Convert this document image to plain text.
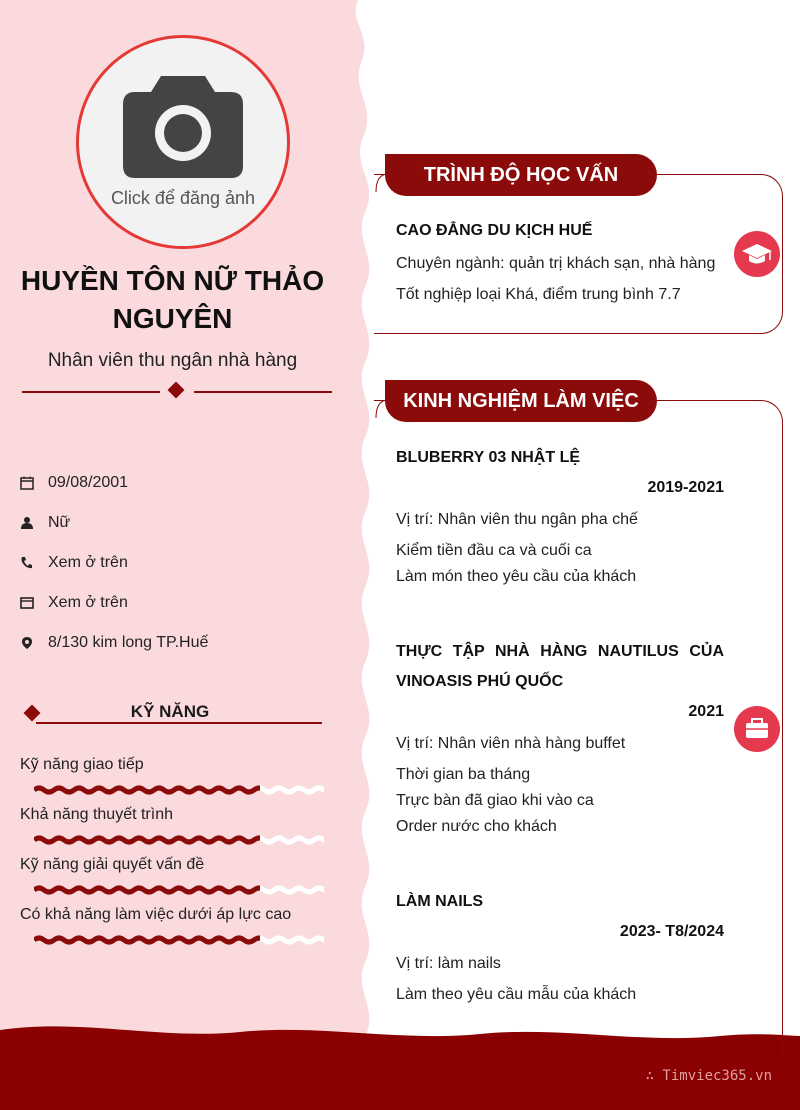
Click để đăng ảnh
HUYỀN TÔN NỮ THẢO NGUYÊN
Nhân viên thu ngân nhà hàng
09/08/2001
Nữ
Xem ở trên
Xem ở trên
8/130 kim long TP.Huế
KỸ NĂNG
Kỹ năng giao tiếp
Khả năng thuyết trình
Kỹ năng giải quyết vấn đề
Có khả năng làm việc dưới áp lực cao
TRÌNH ĐỘ HỌC VẤN
CAO ĐẲNG DU KỊCH HUẾ
Chuyên ngành: quản trị khách sạn, nhà hàng
Tốt nghiệp loại Khá, điểm trung bình 7.7
KINH NGHIỆM LÀM VIỆC
BLUBERRY 03 NHẬT LỆ
2019-2021
Vị trí: Nhân viên thu ngân pha chế
Kiểm tiền đầu ca và cuối ca
Làm món theo yêu cầu của khách
THỰC TẬP NHÀ HÀNG NAUTILUS CỦA
VINOASIS PHÚ QUỐC
2021
Vị trí: Nhân viên nhà hàng buffet
Thời gian ba tháng
Trực bàn đã giao khi vào ca
Order nước cho khách
LÀM NAILS
2023- T8/2024
Vị trí: làm nails
Làm theo yêu cầu mẫu của khách
∴ Timviec365.vn
